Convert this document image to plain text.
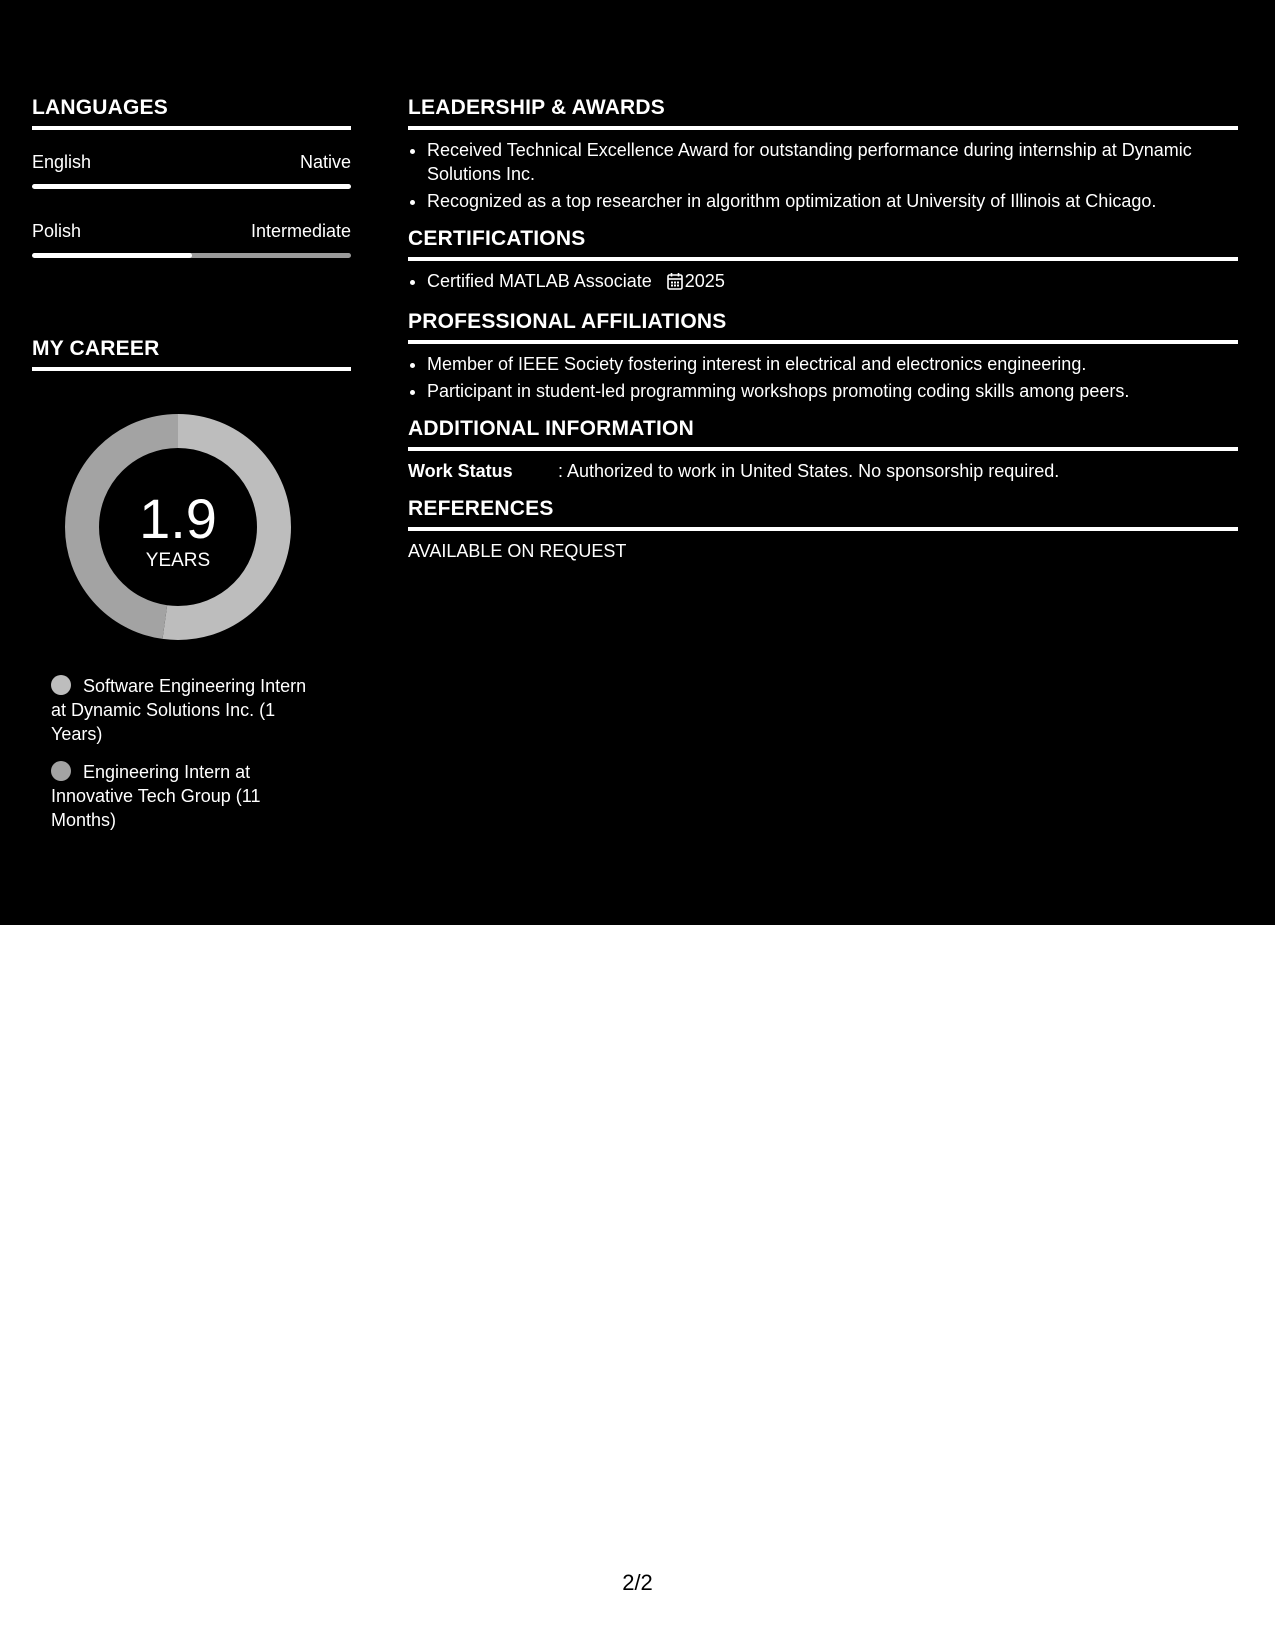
LANGUAGES
English	Native
Polish	Intermediate
MY CAREER
1.9
YEARS
Software Engineering Intern at Dynamic Solutions Inc. (1 Years)
Engineering Intern at Innovative Tech Group (11 Months)
LEADERSHIP & AWARDS
• Received Technical Excellence Award for outstanding performance during internship at Dynamic Solutions Inc.
• Recognized as a top researcher in algorithm optimization at University of Illinois at Chicago.
CERTIFICATIONS
• Certified MATLAB Associate 2025
PROFESSIONAL AFFILIATIONS
• Member of IEEE Society fostering interest in electrical and electronics engineering.
• Participant in student-led programming workshops promoting coding skills among peers.
ADDITIONAL INFORMATION
Work Status	: Authorized to work in United States. No sponsorship required.
REFERENCES
AVAILABLE ON REQUEST
2/2
